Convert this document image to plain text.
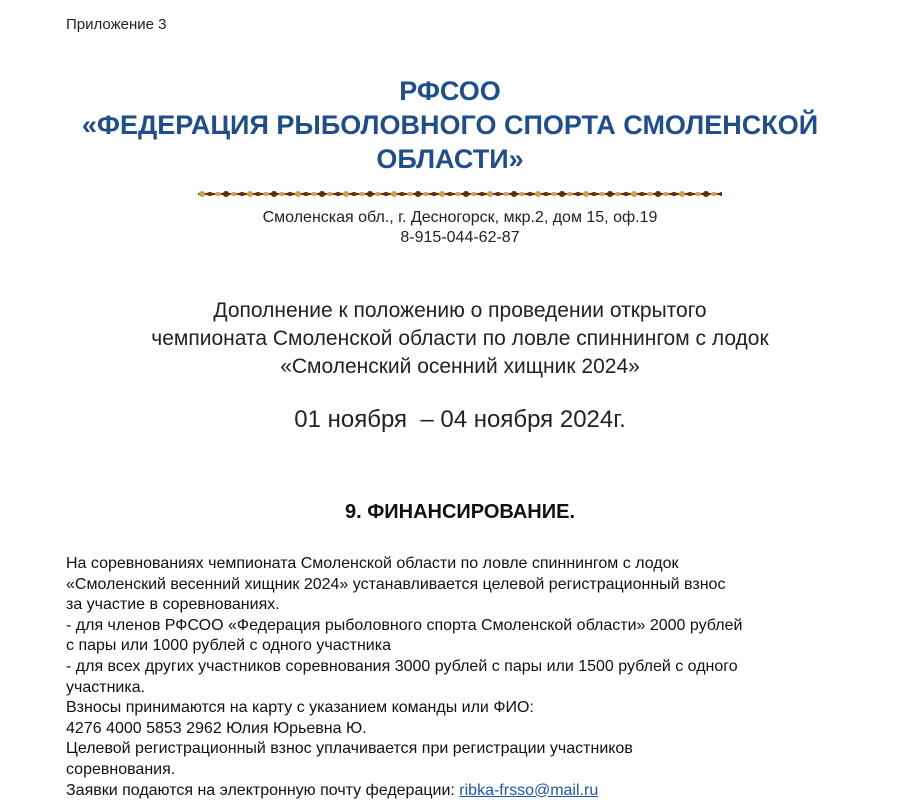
Приложение 3
РФСОО
«ФЕДЕРАЦИЯ РЫБОЛОВНОГО СПОРТА СМОЛЕНСКОЙ
ОБЛАСТИ»
Смоленская обл., г. Десногорск, мкр.2, дом 15, оф.19
8-915-044-62-87
Дополнение к положению о проведении открытого
чемпионата Смоленской области по ловле спиннингом с лодок
«Смоленский осенний хищник 2024»
01 ноября  – 04 ноября 2024г.
9. ФИНАНСИРОВАНИЕ.
На соревнованиях чемпионата Смоленской области по ловле спиннингом с лодок
«Смоленский весенний хищник 2024» устанавливается целевой регистрационный взнос
за участие в соревнованиях.
- для членов РФСОО «Федерация рыболовного спорта Смоленской области» 2000 рублей
с пары или 1000 рублей с одного участника
- для всех других участников соревнования 3000 рублей с пары или 1500 рублей с одного
участника.
Взносы принимаются на карту с указанием команды или ФИО:
4276 4000 5853 2962 Юлия Юрьевна Ю.
Целевой регистрационный взнос уплачивается при регистрации участников
соревнования.
Заявки подаются на электронную почту федерации: ribka-frsso@mail.ru
